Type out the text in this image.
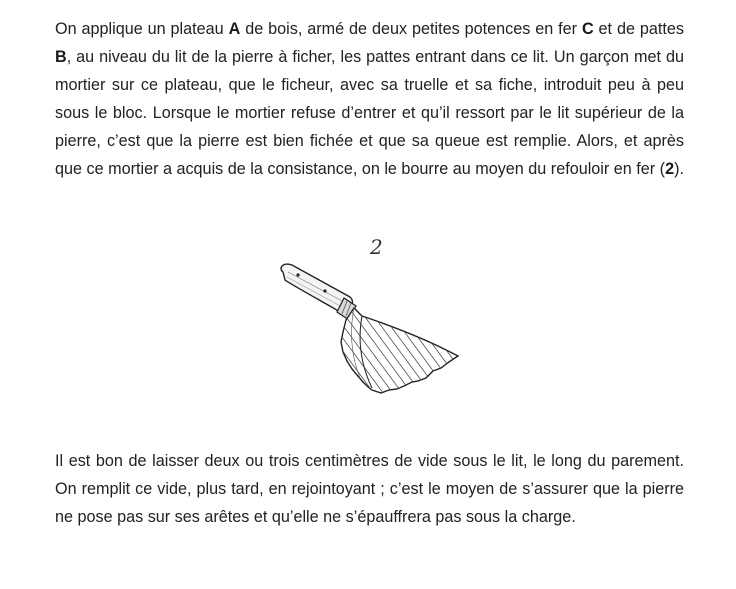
On applique un plateau A de bois, armé de deux petites potences en fer C et de pattes B, au niveau du lit de la pierre à ficher, les pattes entrant dans ce lit. Un garçon met du mortier sur ce plateau, que le ficheur, avec sa truelle et sa fiche, introduit peu à peu sous le bloc. Lorsque le mortier refuse d’entrer et qu’il ressort par le lit supérieur de la pierre, c’est que la pierre est bien fichée et que sa queue est remplie. Alors, et après que ce mortier a acquis de la consistance, on le bourre au moyen du refouloir en fer (2).

2

Il est bon de laisser deux ou trois centimètres de vide sous le lit, le long du parement. On remplit ce vide, plus tard, en rejointoyant ; c’est le moyen de s’assurer que la pierre ne pose pas sur ses arêtes et qu’elle ne s’épauffrera pas sous la charge.
